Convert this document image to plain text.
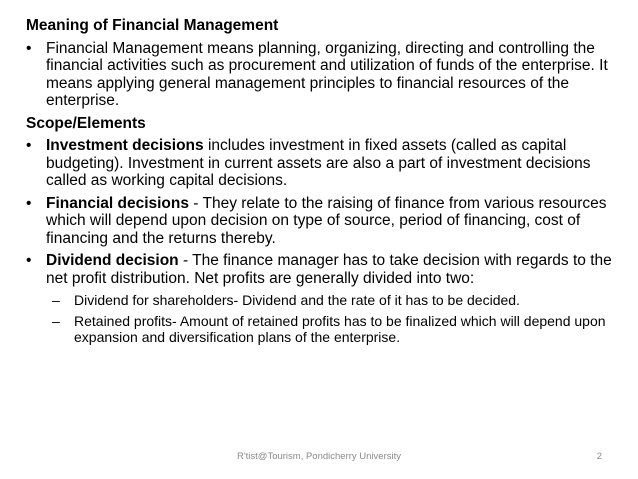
Meaning of Financial Management
• Financial Management means planning, organizing, directing and controlling the financial activities such as procurement and utilization of funds of the enterprise. It means applying general management principles to financial resources of the enterprise.
Scope/Elements
• Investment decisions includes investment in fixed assets (called as capital budgeting). Investment in current assets are also a part of investment decisions called as working capital decisions.
• Financial decisions - They relate to the raising of finance from various resources which will depend upon decision on type of source, period of financing, cost of financing and the returns thereby.
• Dividend decision - The finance manager has to take decision with regards to the net profit distribution. Net profits are generally divided into two:
– Dividend for shareholders- Dividend and the rate of it has to be decided.
– Retained profits- Amount of retained profits has to be finalized which will depend upon expansion and diversification plans of the enterprise.
R'tist@Tourism, Pondicherry University	2
